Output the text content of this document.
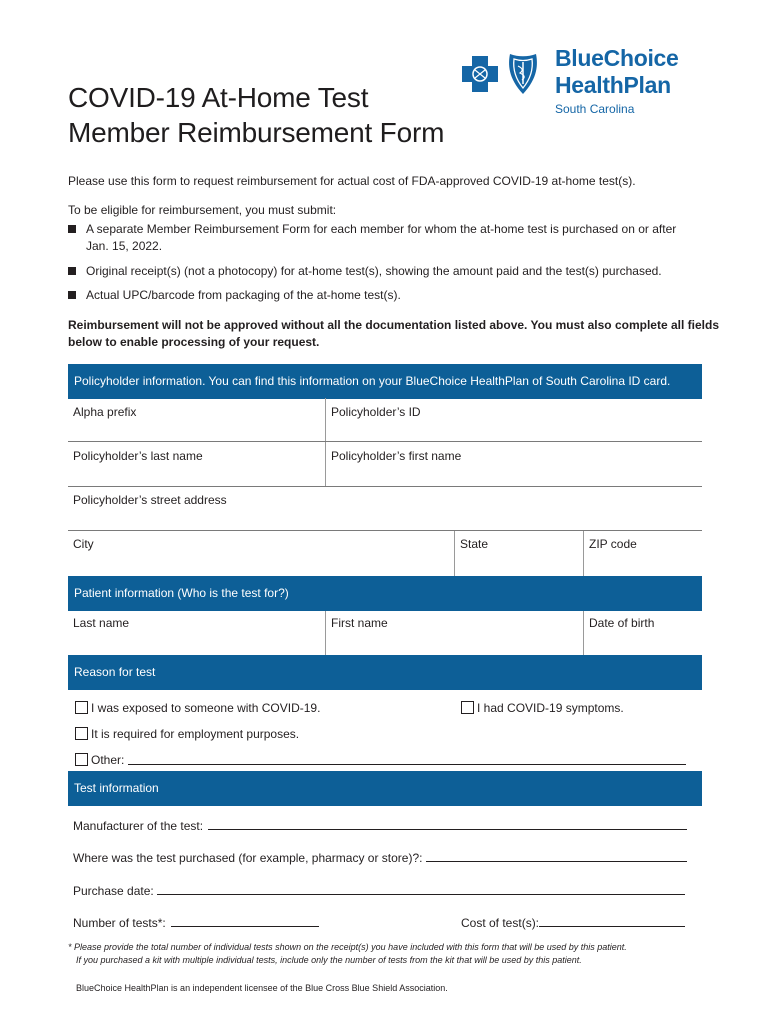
COVID-19 At-Home Test
Member Reimbursement Form
BlueChoice
HealthPlan
South Carolina
Please use this form to request reimbursement for actual cost of FDA-approved COVID-19 at-home test(s).
To be eligible for reimbursement, you must submit:
A separate Member Reimbursement Form for each member for whom the at-home test is purchased on or after
Jan. 15, 2022.
Original receipt(s) (not a photocopy) for at-home test(s), showing the amount paid and the test(s) purchased.
Actual UPC/barcode from packaging of the at-home test(s).
Reimbursement will not be approved without all the documentation listed above. You must also complete all fields
below to enable processing of your request.
Policyholder information. You can find this information on your BlueChoice HealthPlan of South Carolina ID card.
Alpha prefix	Policyholder’s ID
Policyholder’s last name	Policyholder’s first name
Policyholder’s street address
City	State	ZIP code
Patient information (Who is the test for?)
Last name	First name	Date of birth
Reason for test
I was exposed to someone with COVID-19.	I had COVID-19 symptoms.
It is required for employment purposes.
Other:
Test information
Manufacturer of the test:
Where was the test purchased (for example, pharmacy or store)?:
Purchase date:
Number of tests*:	Cost of test(s):
* Please provide the total number of individual tests shown on the receipt(s) you have included with this form that will be used by this patient.
If you purchased a kit with multiple individual tests, include only the number of tests from the kit that will be used by this patient.
BlueChoice HealthPlan is an independent licensee of the Blue Cross Blue Shield Association.
